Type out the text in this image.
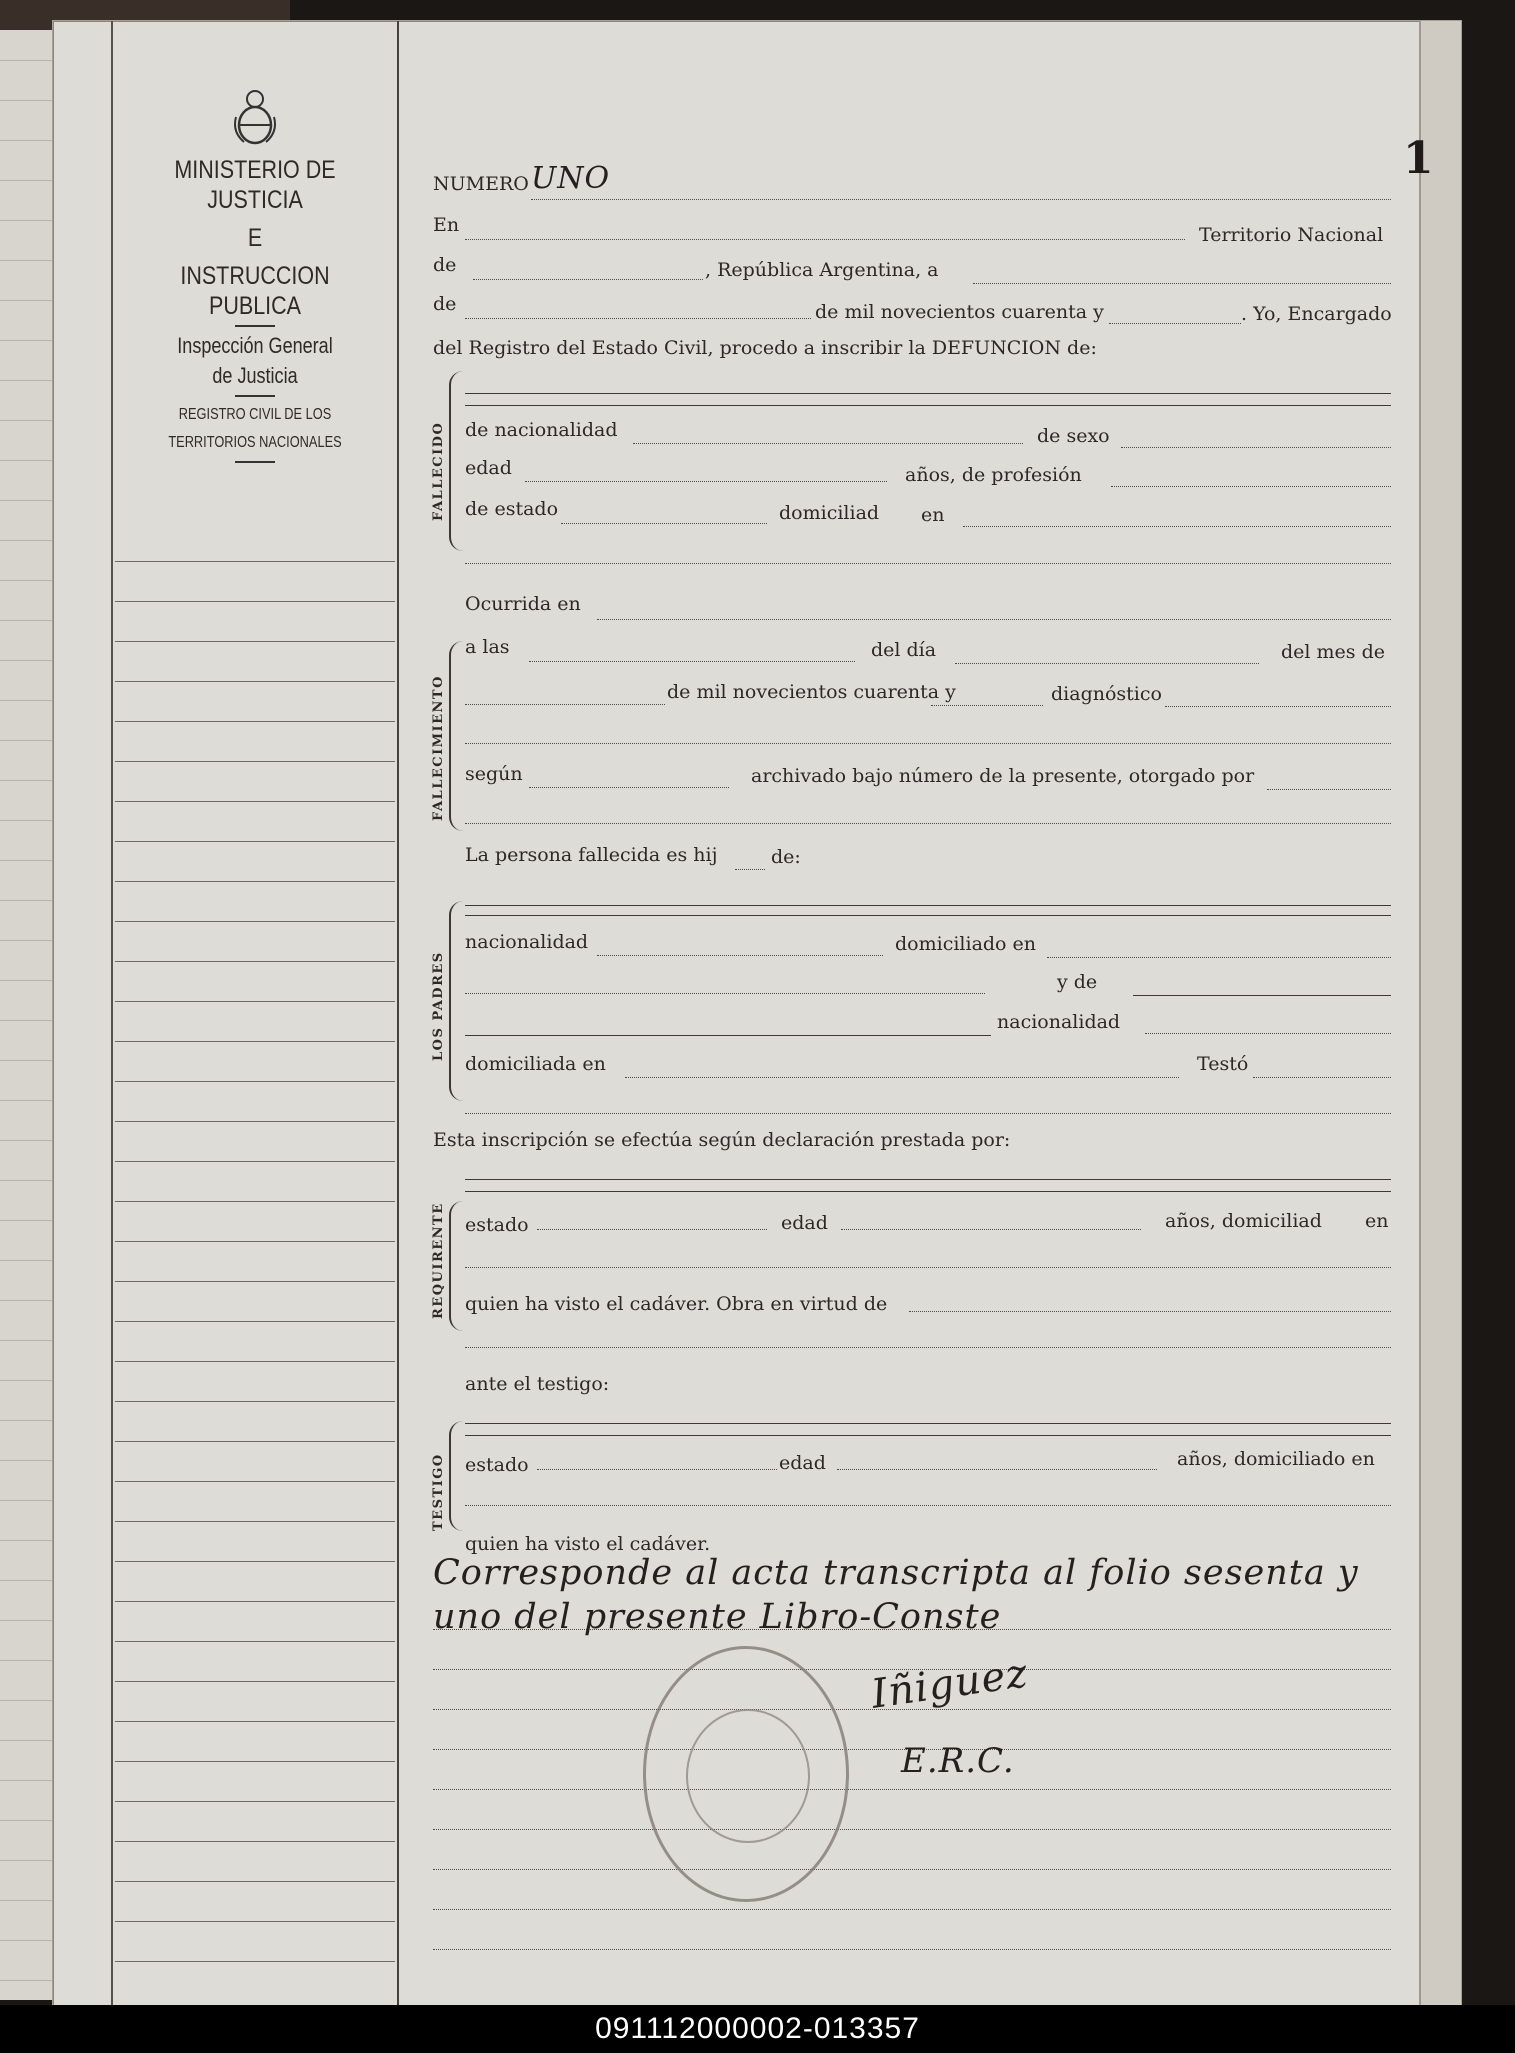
MINISTERIO DE JUSTICIA
E
INSTRUCCION PUBLICA
Inspección General
de Justicia
REGISTRO CIVIL DE LOS
TERRITORIOS NACIONALES
1
NUMERO UNO
En	Territorio Nacional
de	, República Argentina, a
de	de mil novecientos cuarenta y	. Yo, Encargado
del Registro del Estado Civil, procedo a inscribir la DEFUNCION de:
FALLECIDO de nacionalidad	de sexo
edad	años, de profesión
de estado	domiciliad en
FALLECIMIENTO
Ocurrida en
a las	del día	del mes de
de mil novecientos cuarenta y	diagnóstico
según	archivado bajo número de la presente, otorgado por
LOS PADRES
La persona fallecida es hij	de:
nacionalidad	domiciliado en
y de
nacionalidad
domiciliada en	Testó
Esta inscripción se efectúa según declaración prestada por:
REQUIRENTE estado	edad	años, domiciliad en
quien ha visto el cadáver. Obra en virtud de
ante el testigo:
TESTIGO estado	edad	años, domiciliado en
quien ha visto el cadáver.
Corresponde al acta transcripta al folio sesenta y
uno del presente Libro-Conste
Iñiguez
E.R.C.
091112000002-013357
